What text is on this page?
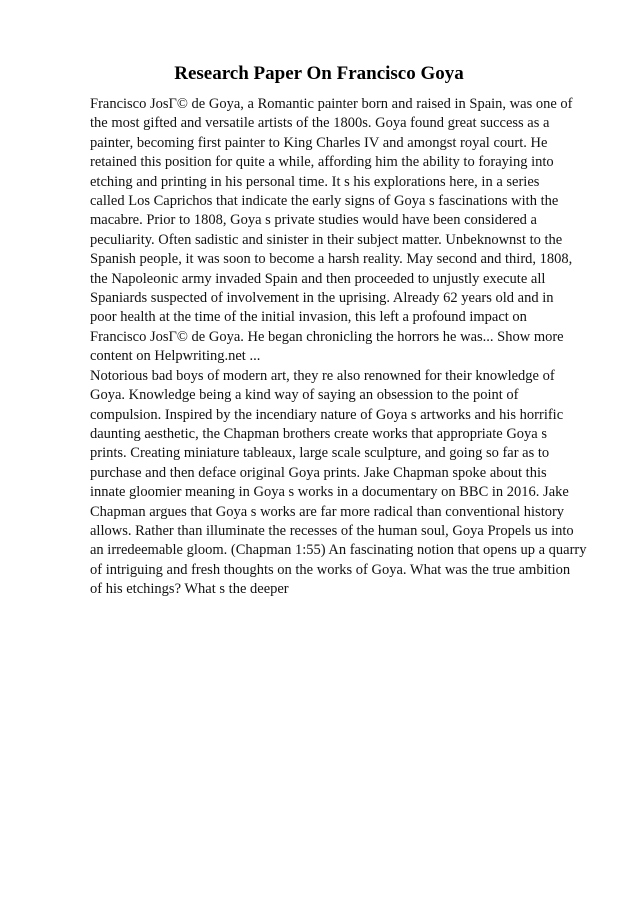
Research Paper On Francisco Goya
Francisco JosГ© de Goya, a Romantic painter born and raised in Spain, was one of
the most gifted and versatile artists of the 1800s. Goya found great success as a
painter, becoming first painter to King Charles IV and amongst royal court. He
retained this position for quite a while, affording him the ability to foraying into
etching and printing in his personal time. It s his explorations here, in a series
called Los Caprichos that indicate the early signs of Goya s fascinations with the
macabre. Prior to 1808, Goya s private studies would have been considered a
peculiarity. Often sadistic and sinister in their subject matter. Unbeknownst to the
Spanish people, it was soon to become a harsh reality. May second and third, 1808,
the Napoleonic army invaded Spain and then proceeded to unjustly execute all
Spaniards suspected of involvement in the uprising. Already 62 years old and in
poor health at the time of the initial invasion, this left a profound impact on
Francisco JosГ© de Goya. He began chronicling the horrors he was... Show more
content on Helpwriting.net ...
Notorious bad boys of modern art, they re also renowned for their knowledge of
Goya. Knowledge being a kind way of saying an obsession to the point of
compulsion. Inspired by the incendiary nature of Goya s artworks and his horrific
daunting aesthetic, the Chapman brothers create works that appropriate Goya s
prints. Creating miniature tableaux, large scale sculpture, and going so far as to
purchase and then deface original Goya prints. Jake Chapman spoke about this
innate gloomier meaning in Goya s works in a documentary on BBC in 2016. Jake
Chapman argues that Goya s works are far more radical than conventional history
allows. Rather than illuminate the recesses of the human soul, Goya Propels us into
an irredeemable gloom. (Chapman 1:55) An fascinating notion that opens up a quarry
of intriguing and fresh thoughts on the works of Goya. What was the true ambition
of his etchings? What s the deeper
